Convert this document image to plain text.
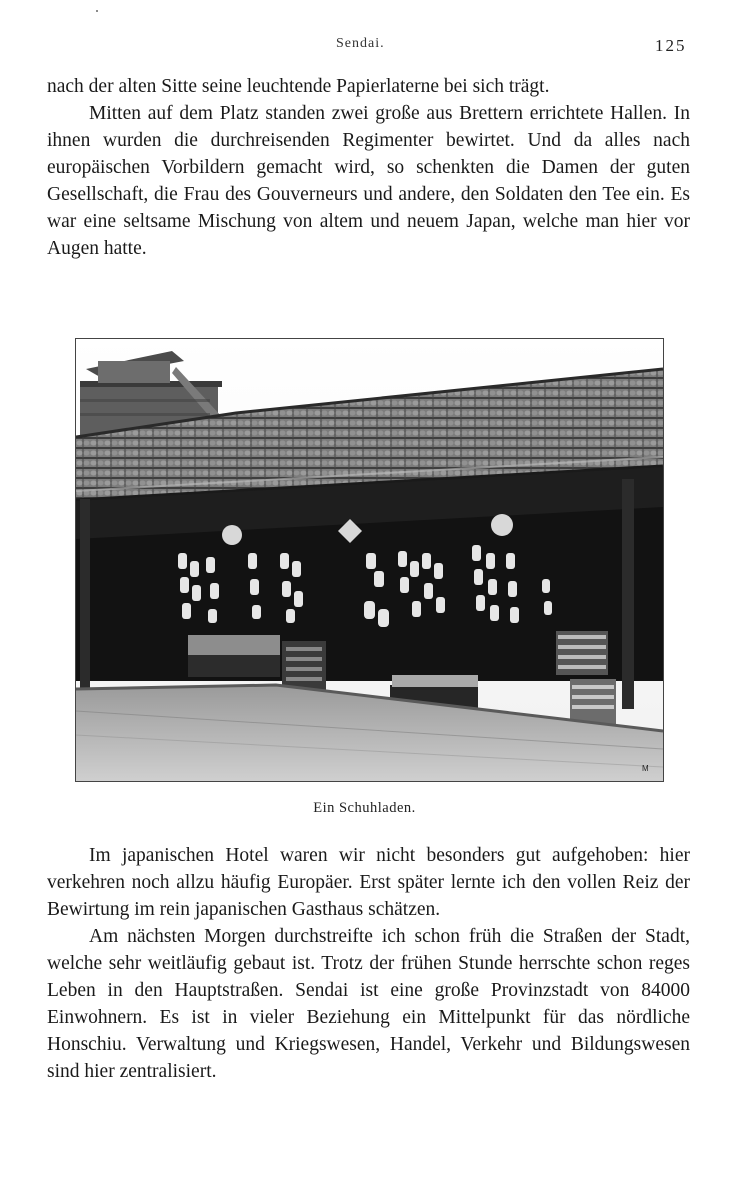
Sendai.	125

nach der alten Sitte seine leuchtende Papierlaterne bei sich trägt.

Mitten auf dem Platz standen zwei große aus Brettern errichtete Hallen. In ihnen wurden die durchreisenden Regimenter bewirtet. Und da alles nach europäischen Vorbildern gemacht wird, so schenkten die Damen der guten Gesellschaft, die Frau des Gouverneurs und andere, den Soldaten den Tee ein. Es war eine seltsame Mischung von altem und neuem Japan, welche man hier vor Augen hatte.

M
Ein Schuhladen.

Im japanischen Hotel waren wir nicht besonders gut aufgehoben: hier verkehren noch allzu häufig Europäer. Erst später lernte ich den vollen Reiz der Bewirtung im rein japanischen Gasthaus schätzen.

Am nächsten Morgen durchstreifte ich schon früh die Straßen der Stadt, welche sehr weitläufig gebaut ist. Trotz der frühen Stunde herrschte schon reges Leben in den Hauptstraßen. Sendai ist eine große Provinzstadt von 84000 Einwohnern. Es ist in vieler Beziehung ein Mittelpunkt für das nördliche Honschiu. Verwaltung und Kriegswesen, Handel, Verkehr und Bildungswesen sind hier zentralisiert.
